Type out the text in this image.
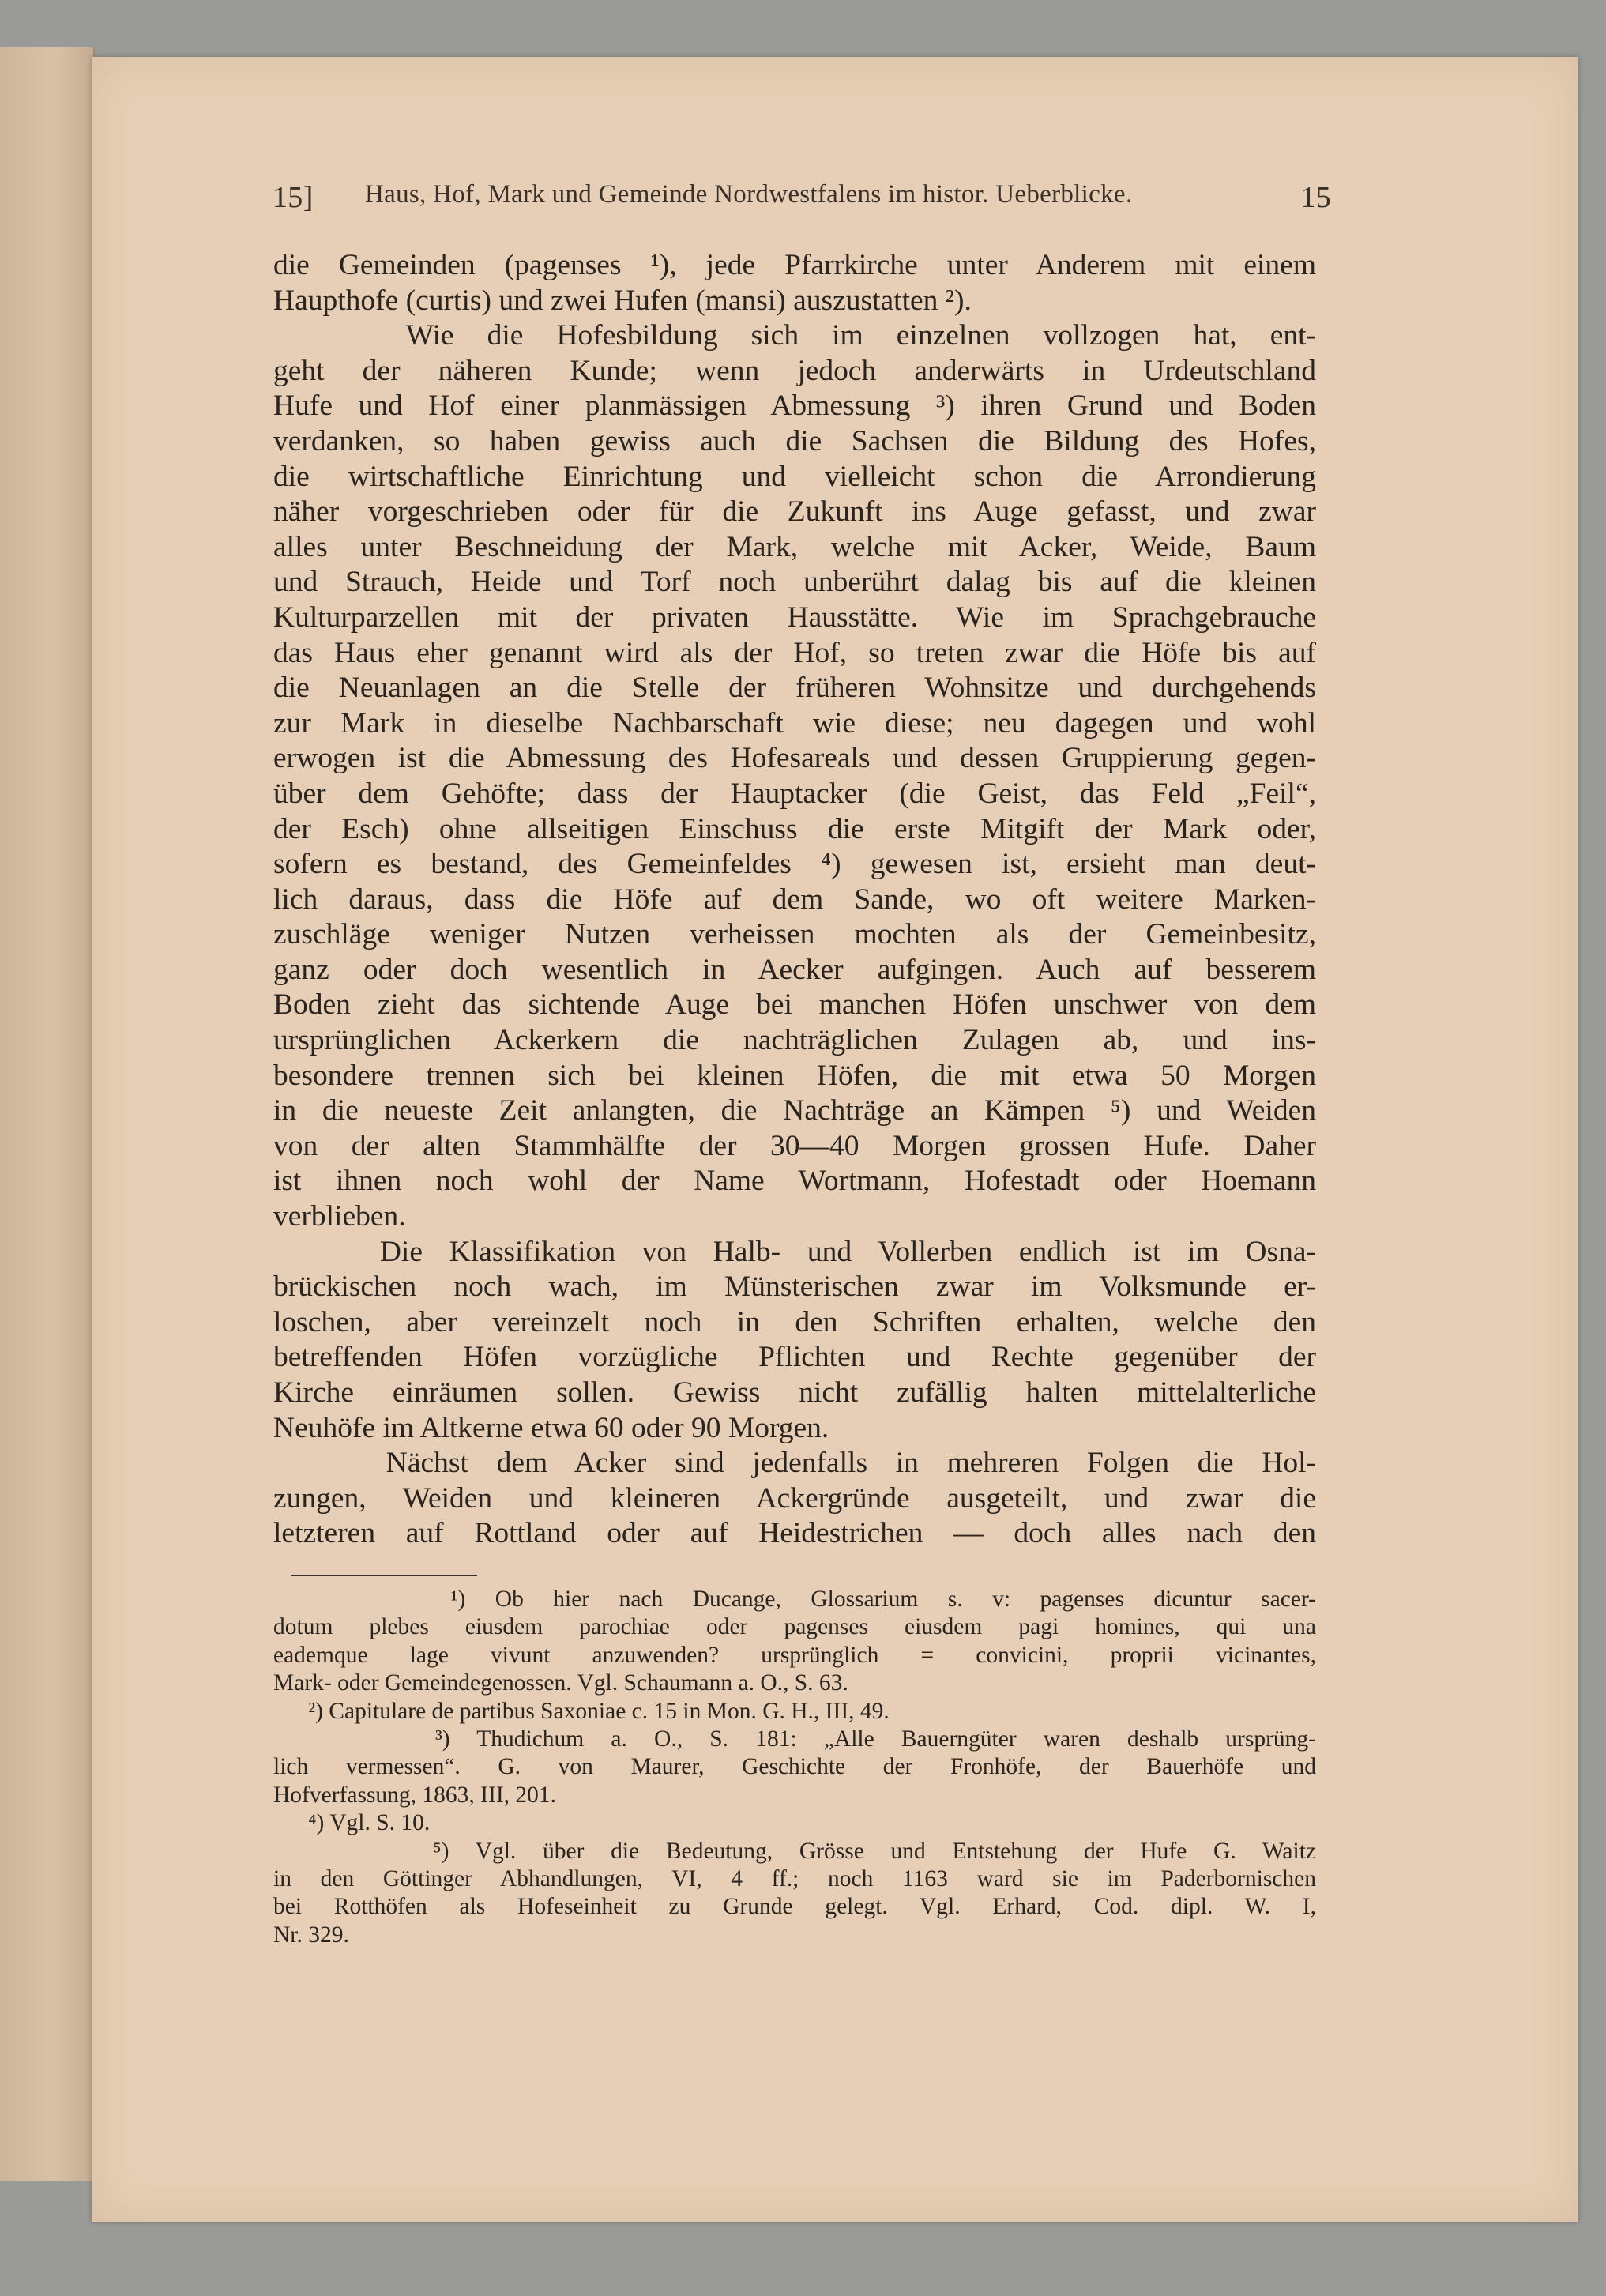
15] Haus, Hof, Mark und Gemeinde Nordwestfalens im histor. Ueberblicke.	15
die Gemeinden (pagenses ¹), jede Pfarrkirche unter Anderem mit einem
Haupthofe (curtis) und zwei Hufen (mansi) auszustatten ²).
Wie die Hofesbildung sich im einzelnen vollzogen hat, ent-
geht der näheren Kunde; wenn jedoch anderwärts in Urdeutschland
Hufe und Hof einer planmässigen Abmessung ³) ihren Grund und Boden
verdanken, so haben gewiss auch die Sachsen die Bildung des Hofes,
die wirtschaftliche Einrichtung und vielleicht schon die Arrondierung
näher vorgeschrieben oder für die Zukunft ins Auge gefasst, und zwar
alles unter Beschneidung der Mark, welche mit Acker, Weide, Baum
und Strauch, Heide und Torf noch unberührt dalag bis auf die kleinen
Kulturparzellen mit der privaten Hausstätte. Wie im Sprachgebrauche
das Haus eher genannt wird als der Hof, so treten zwar die Höfe bis auf
die Neuanlagen an die Stelle der früheren Wohnsitze und durchgehends
zur Mark in dieselbe Nachbarschaft wie diese; neu dagegen und wohl
erwogen ist die Abmessung des Hofesareals und dessen Gruppierung gegen-
über dem Gehöfte; dass der Hauptacker (die Geist, das Feld „Feil“,
der Esch) ohne allseitigen Einschuss die erste Mitgift der Mark oder,
sofern es bestand, des Gemeinfeldes ⁴) gewesen ist, ersieht man deut-
lich daraus, dass die Höfe auf dem Sande, wo oft weitere Marken-
zuschläge weniger Nutzen verheissen mochten als der Gemeinbesitz,
ganz oder doch wesentlich in Aecker aufgingen. Auch auf besserem
Boden zieht das sichtende Auge bei manchen Höfen unschwer von dem
ursprünglichen Ackerkern die nachträglichen Zulagen ab, und ins-
besondere trennen sich bei kleinen Höfen, die mit etwa 50 Morgen
in die neueste Zeit anlangten, die Nachträge an Kämpen ⁵) und Weiden
von der alten Stammhälfte der 30—40 Morgen grossen Hufe. Daher
ist ihnen noch wohl der Name Wortmann, Hofestadt oder Hoemann
verblieben.
Die Klassifikation von Halb- und Vollerben endlich ist im Osna-
brückischen noch wach, im Münsterischen zwar im Volksmunde er-
loschen, aber vereinzelt noch in den Schriften erhalten, welche den
betreffenden Höfen vorzügliche Pflichten und Rechte gegenüber der
Kirche einräumen sollen. Gewiss nicht zufällig halten mittelalterliche
Neuhöfe im Altkerne etwa 60 oder 90 Morgen.
Nächst dem Acker sind jedenfalls in mehreren Folgen die Hol-
zungen, Weiden und kleineren Ackergründe ausgeteilt, und zwar die
letzteren auf Rottland oder auf Heidestrichen — doch alles nach den
¹) Ob hier nach Ducange, Glossarium s. v: pagenses dicuntur sacer-
dotum plebes eiusdem parochiae oder pagenses eiusdem pagi homines, qui una
eademque lage vivunt anzuwenden? ursprünglich = convicini, proprii vicinantes,
Mark- oder Gemeindegenossen. Vgl. Schaumann a. O., S. 63.
²) Capitulare de partibus Saxoniae c. 15 in Mon. G. H., III, 49.
³) Thudichum a. O., S. 181: „Alle Bauerngüter waren deshalb ursprüng-
lich vermessen“. G. von Maurer, Geschichte der Fronhöfe, der Bauerhöfe und
Hofverfassung, 1863, III, 201.
⁴) Vgl. S. 10.
⁵) Vgl. über die Bedeutung, Grösse und Entstehung der Hufe G. Waitz
in den Göttinger Abhandlungen, VI, 4 ff.; noch 1163 ward sie im Paderbornischen
bei Rotthöfen als Hofeseinheit zu Grunde gelegt. Vgl. Erhard, Cod. dipl. W. I,
Nr. 329.
